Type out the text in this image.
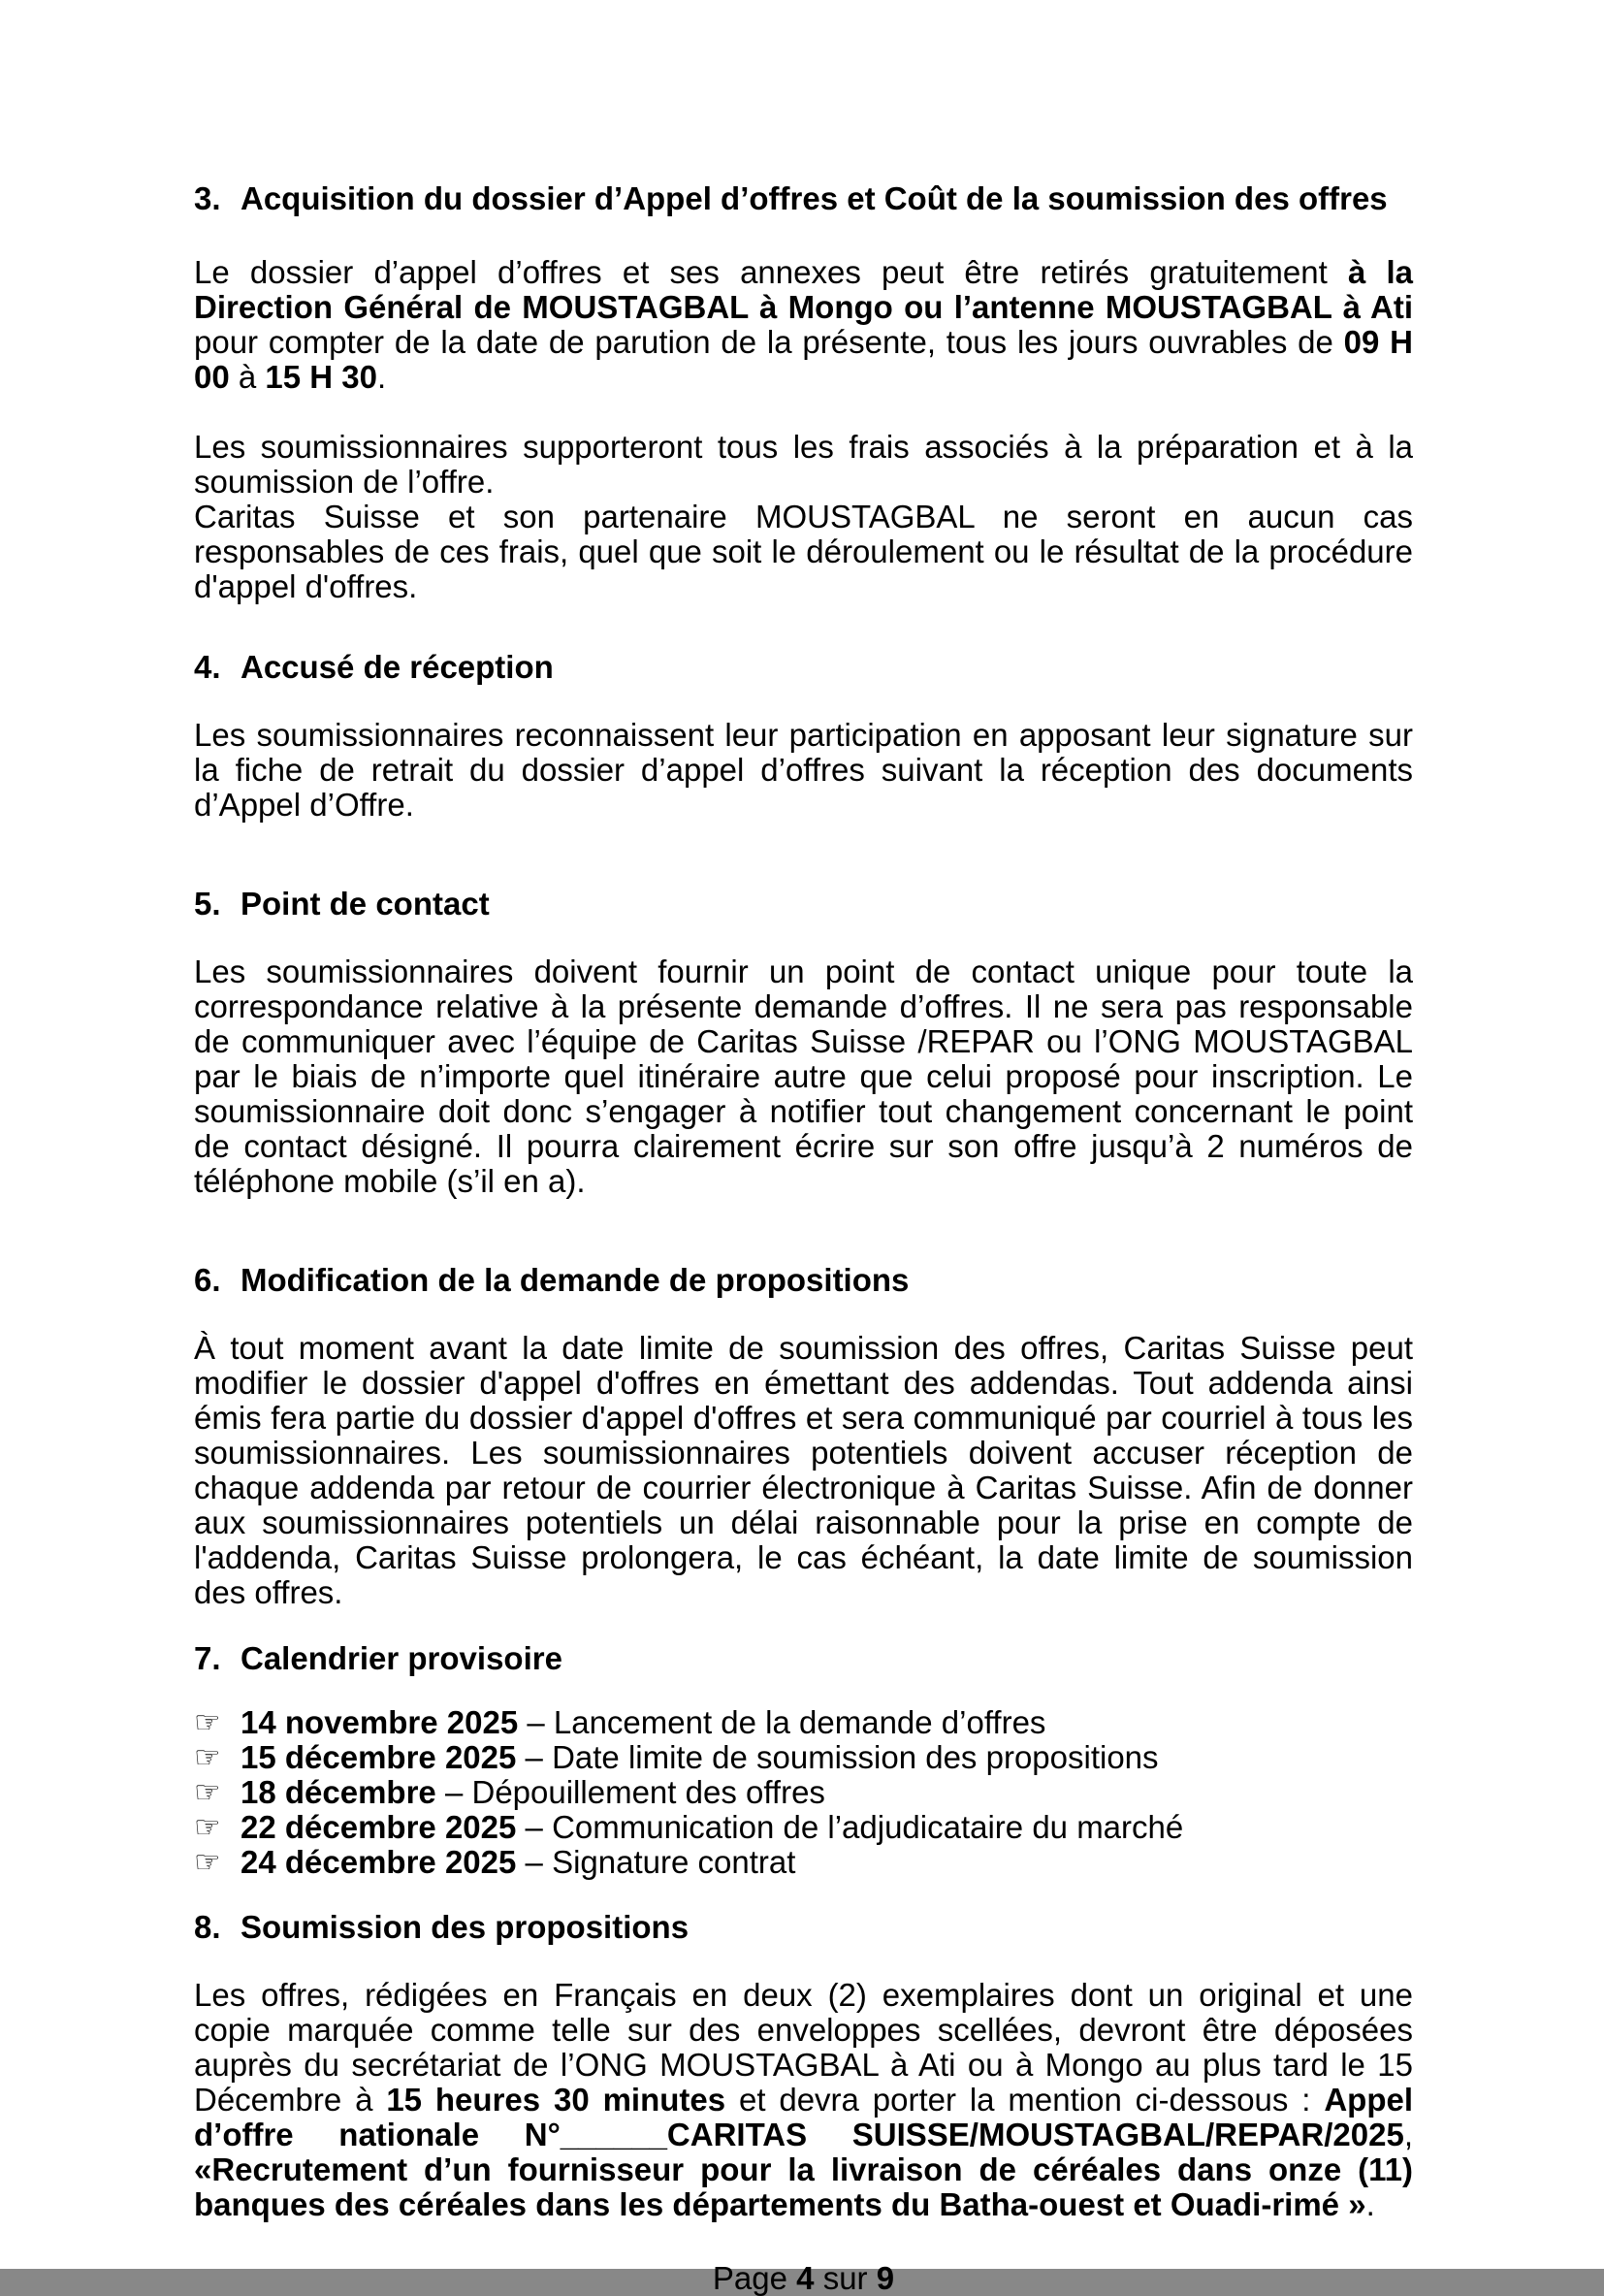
3. Acquisition du dossier d’Appel d’offres et Coût de la soumission des offres

Le dossier d’appel d’offres et ses annexes peut être retirés gratuitement à la Direction Général de MOUSTAGBAL à Mongo ou l’antenne MOUSTAGBAL à Ati pour compter de la date de parution de la présente, tous les jours ouvrables de 09 H 00 à 15 H 30.

Les soumissionnaires supporteront tous les frais associés à la préparation et à la soumission de l’offre.

Caritas Suisse et son partenaire MOUSTAGBAL ne seront en aucun cas responsables de ces frais, quel que soit le déroulement ou le résultat de la procédure d'appel d'offres.

4. Accusé de réception

Les soumissionnaires reconnaissent leur participation en apposant leur signature sur la fiche de retrait du dossier d’appel d’offres suivant la réception des documents d’Appel d’Offre.

5. Point de contact

Les soumissionnaires doivent fournir un point de contact unique pour toute la correspondance relative à la présente demande d’offres. Il ne sera pas responsable de communiquer avec l’équipe de Caritas Suisse /REPAR ou l’ONG MOUSTAGBAL par le biais de n’importe quel itinéraire autre que celui proposé pour inscription. Le soumissionnaire doit donc s’engager à notifier tout changement concernant le point de contact désigné. Il pourra clairement écrire sur son offre jusqu’à 2 numéros de téléphone mobile (s’il en a).

6. Modification de la demande de propositions

À tout moment avant la date limite de soumission des offres, Caritas Suisse peut modifier le dossier d'appel d'offres en émettant des addendas. Tout addenda ainsi émis fera partie du dossier d'appel d'offres et sera communiqué par courriel à tous les soumissionnaires. Les soumissionnaires potentiels doivent accuser réception de chaque addenda par retour de courrier électronique à Caritas Suisse. Afin de donner aux soumissionnaires potentiels un délai raisonnable pour la prise en compte de l'addenda, Caritas Suisse prolongera, le cas échéant, la date limite de soumission des offres.

7. Calendrier provisoire
☞ 14 novembre 2025 – Lancement de la demande d’offres
☞ 15 décembre 2025 – Date limite de soumission des propositions
☞ 18 décembre – Dépouillement des offres
☞ 22 décembre 2025 – Communication de l’adjudicataire du marché
☞ 24 décembre 2025 – Signature contrat
8. Soumission des propositions

Les offres, rédigées en Français en deux (2) exemplaires dont un original et une copie marquée comme telle sur des enveloppes scellées, devront être déposées auprès du secrétariat de l’ONG MOUSTAGBAL à Ati ou à Mongo au plus tard le 15 Décembre à 15 heures 30 minutes et devra porter la mention ci-dessous : Appel d’offre nationale N°______CARITAS SUISSE/MOUSTAGBAL/REPAR/2025, «Recrutement d’un fournisseur pour la livraison de céréales dans onze (11) banques des céréales dans les départements du Batha-ouest et Ouadi-rimé ».

Page 4 sur 9
